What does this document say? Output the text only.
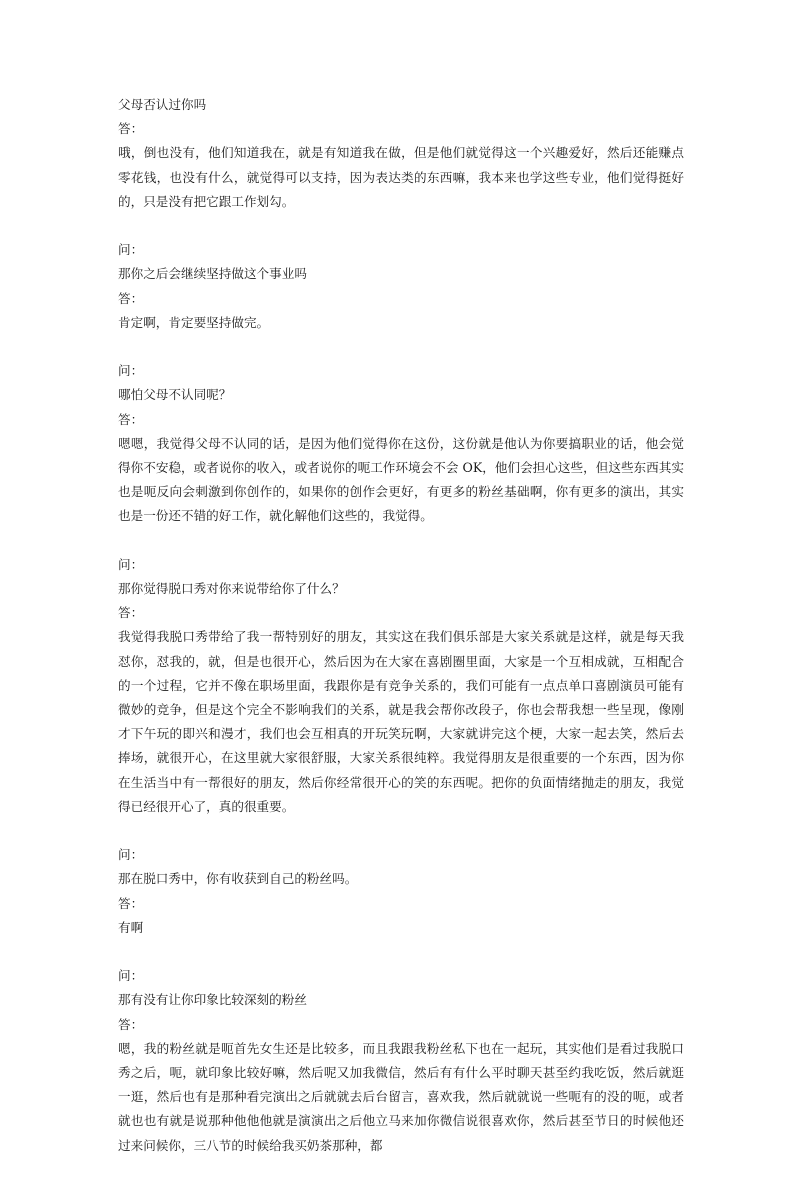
父母否认过你吗
答：
哦，倒也没有，他们知道我在，就是有知道我在做，但是他们就觉得这一个兴趣爱好，然后还能赚点零花钱，也没有什么，就觉得可以支持，因为表达类的东西嘛，我本来也学这些专业，他们觉得挺好的，只是没有把它跟工作划勾。
问：
那你之后会继续坚持做这个事业吗
答：
肯定啊，肯定要坚持做完。
问：
哪怕父母不认同呢？
答：
嗯嗯，我觉得父母不认同的话，是因为他们觉得你在这份，这份就是他认为你要搞职业的话，他会觉得你不安稳，或者说你的收入，或者说你的呃工作环境会不会 OK，他们会担心这些，但这些东西其实也是呃反向会刺激到你创作的，如果你的创作会更好，有更多的粉丝基础啊，你有更多的演出，其实也是一份还不错的好工作，就化解他们这些的，我觉得。
问：
那你觉得脱口秀对你来说带给你了什么？
答：
我觉得我脱口秀带给了我一帮特别好的朋友，其实这在我们俱乐部是大家关系就是这样，就是每天我怼你，怼我的，就，但是也很开心，然后因为在大家在喜剧圈里面，大家是一个互相成就，互相配合的一个过程，它并不像在职场里面，我跟你是有竞争关系的，我们可能有一点点单口喜剧演员可能有微妙的竞争，但是这个完全不影响我们的关系，就是我会帮你改段子，你也会帮我想一些呈现，像刚才下午玩的即兴和漫才，我们也会互相真的开玩笑玩啊，大家就讲完这个梗，大家一起去笑，然后去捧场，就很开心，在这里就大家很舒服，大家关系很纯粹。我觉得朋友是很重要的一个东西，因为你在生活当中有一帮很好的朋友，然后你经常很开心的笑的东西呢。把你的负面情绪抛走的朋友，我觉得已经很开心了，真的很重要。
问：
那在脱口秀中，你有收获到自己的粉丝吗。
答：
有啊
问：
那有没有让你印象比较深刻的粉丝
答：
嗯，我的粉丝就是呃首先女生还是比较多，而且我跟我粉丝私下也在一起玩，其实他们是看过我脱口秀之后，呃，就印象比较好嘛，然后呢又加我微信，然后有有什么平时聊天甚至约我吃饭，然后就逛一逛，然后也有是那种看完演出之后就就去后台留言，喜欢我，然后就就说一些呃有的没的呃，或者就也也有就是说那种他他他就是演演出之后他立马来加你微信说很喜欢你，然后甚至节日的时候他还过来问候你，三八节的时候给我买奶茶那种，都
